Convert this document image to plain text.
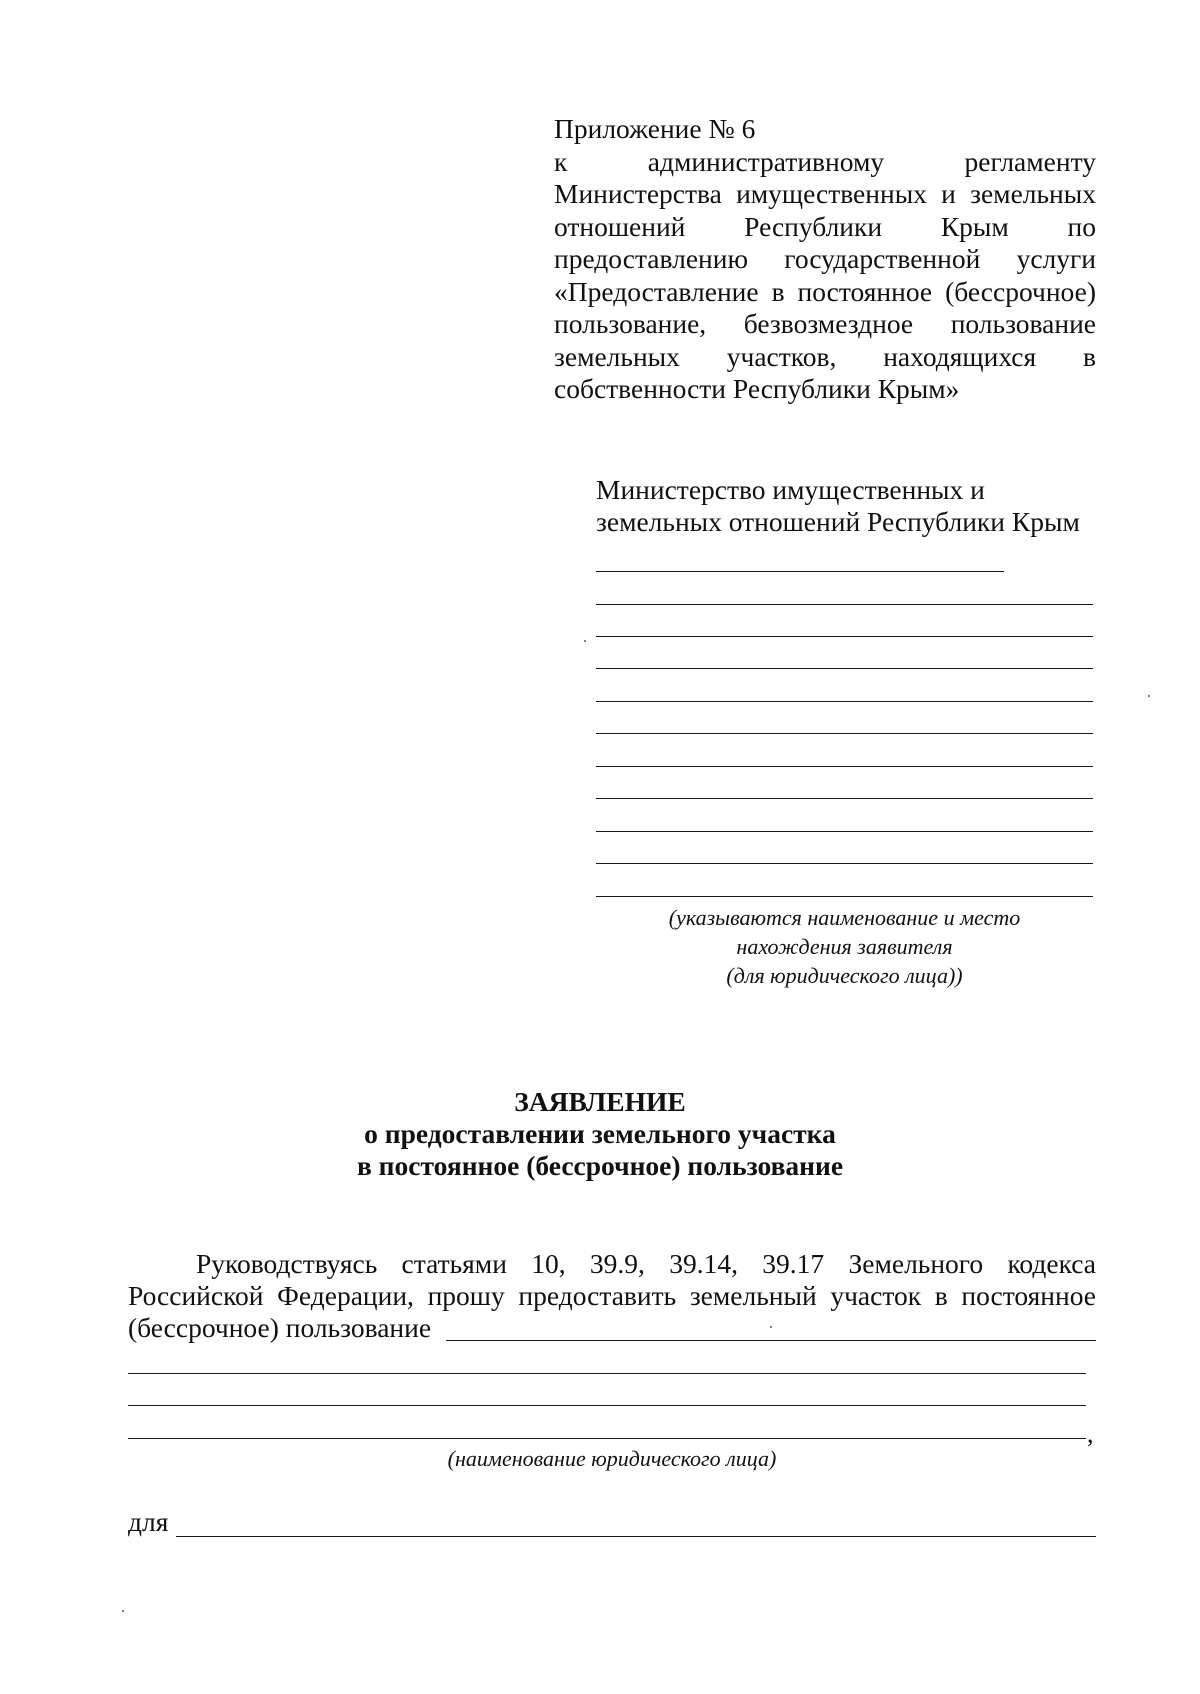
Приложение № 6
к административному регламенту
Министерства имущественных и земельных
отношений Республики Крым по
предоставлению государственной услуги
«Предоставление в постоянное (бессрочное)
пользование, безвозмездное пользование
земельных участков, находящихся в
собственности Республики Крым»
Министерство имущественных и
земельных отношений Республики Крым
(указываются наименование и место
нахождения заявителя
(для юридического лица))
ЗАЯВЛЕНИЕ
о предоставлении земельного участка
в постоянное (бессрочное) пользование
Руководствуясь статьями 10, 39.9, 39.14, 39.17 Земельного кодекса
Российской Федерации, прошу предоставить земельный участок в постоянное
(бессрочное) пользование
,
(наименование юридического лица)
для
